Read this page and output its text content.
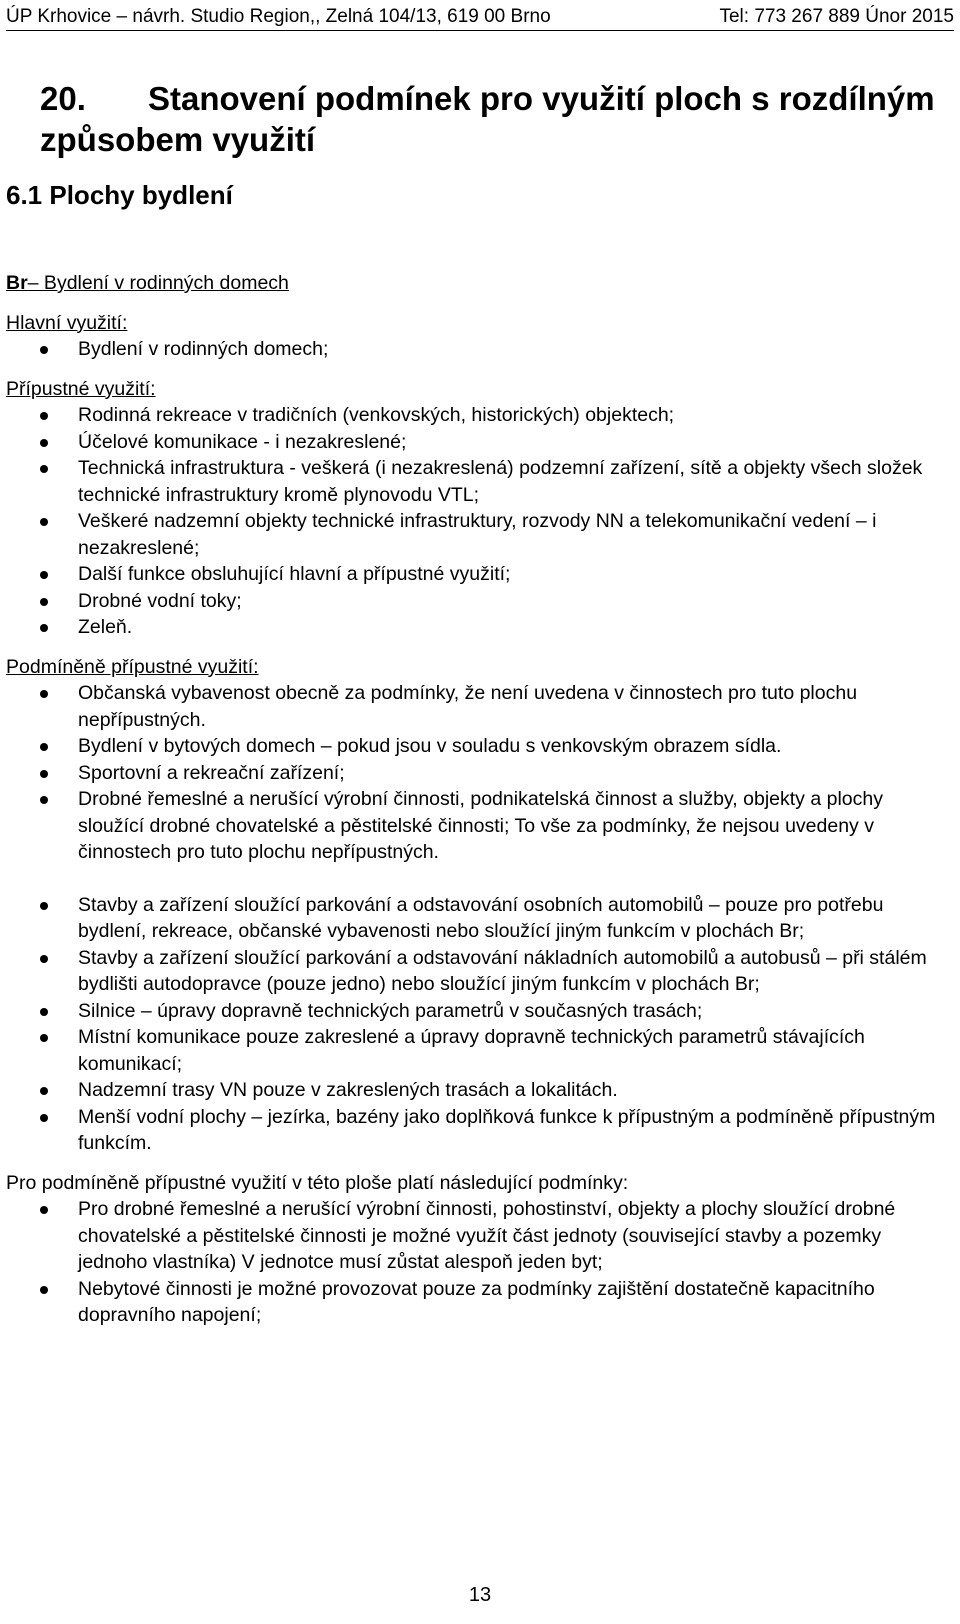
ÚP Krhovice – návrh. Studio Region,, Zelná 104/13, 619 00 Brno	Tel: 773 267 889 Únor 2015
20. Stanovení podmínek pro využití ploch s rozdílným
způsobem využití
6.1 Plochy bydlení

Br– Bydlení v rodinných domech

Hlavní využití:

Bydlení v rodinných domech;

Přípustné využití:

Rodinná rekreace v tradičních (venkovských, historických) objektech;
Účelové komunikace - i nezakreslené;
Technická infrastruktura - veškerá (i nezakreslená) podzemní zařízení, sítě a objekty všech složek technické infrastruktury kromě plynovodu VTL;
Veškeré nadzemní objekty technické infrastruktury, rozvody NN a telekomunikační vedení – i nezakreslené;
Další funkce obsluhující hlavní a přípustné využití;
Drobné vodní toky;
Zeleň.

Podmíněně přípustné využití:

Občanská vybavenost obecně za podmínky, že není uvedena v činnostech pro tuto plochu nepřípustných.
Bydlení v bytových domech – pokud jsou v souladu s venkovským obrazem sídla.
Sportovní a rekreační zařízení;
Drobné řemeslné a nerušící výrobní činnosti, podnikatelská činnost a služby, objekty a plochy sloužící drobné chovatelské a pěstitelské činnosti; To vše za podmínky, že nejsou uvedeny v činnostech pro tuto plochu nepřípustných.
Stavby a zařízení sloužící parkování a odstavování osobních automobilů – pouze pro potřebu bydlení, rekreace, občanské vybavenosti nebo sloužící jiným funkcím v plochách Br;
Stavby a zařízení sloužící parkování a odstavování nákladních automobilů a autobusů – při stálém bydlišti autodopravce (pouze jedno) nebo sloužící jiným funkcím v plochách Br;
Silnice – úpravy dopravně technických parametrů v současných trasách;
Místní komunikace pouze zakreslené a úpravy dopravně technických parametrů stávajících komunikací;
Nadzemní trasy VN pouze v zakreslených trasách a lokalitách.
Menší vodní plochy – jezírka, bazény jako doplňková funkce k přípustným a podmíněně přípustným funkcím.

Pro podmíněně přípustné využití v této ploše platí následující podmínky:

Pro drobné řemeslné a nerušící výrobní činnosti, pohostinství, objekty a plochy sloužící drobné chovatelské a pěstitelské činnosti je možné využít část jednoty (související stavby a pozemky jednoho vlastníka) V jednotce musí zůstat alespoň jeden byt;
Nebytové činnosti je možné provozovat pouze za podmínky zajištění dostatečně kapacitního dopravního napojení;
13
